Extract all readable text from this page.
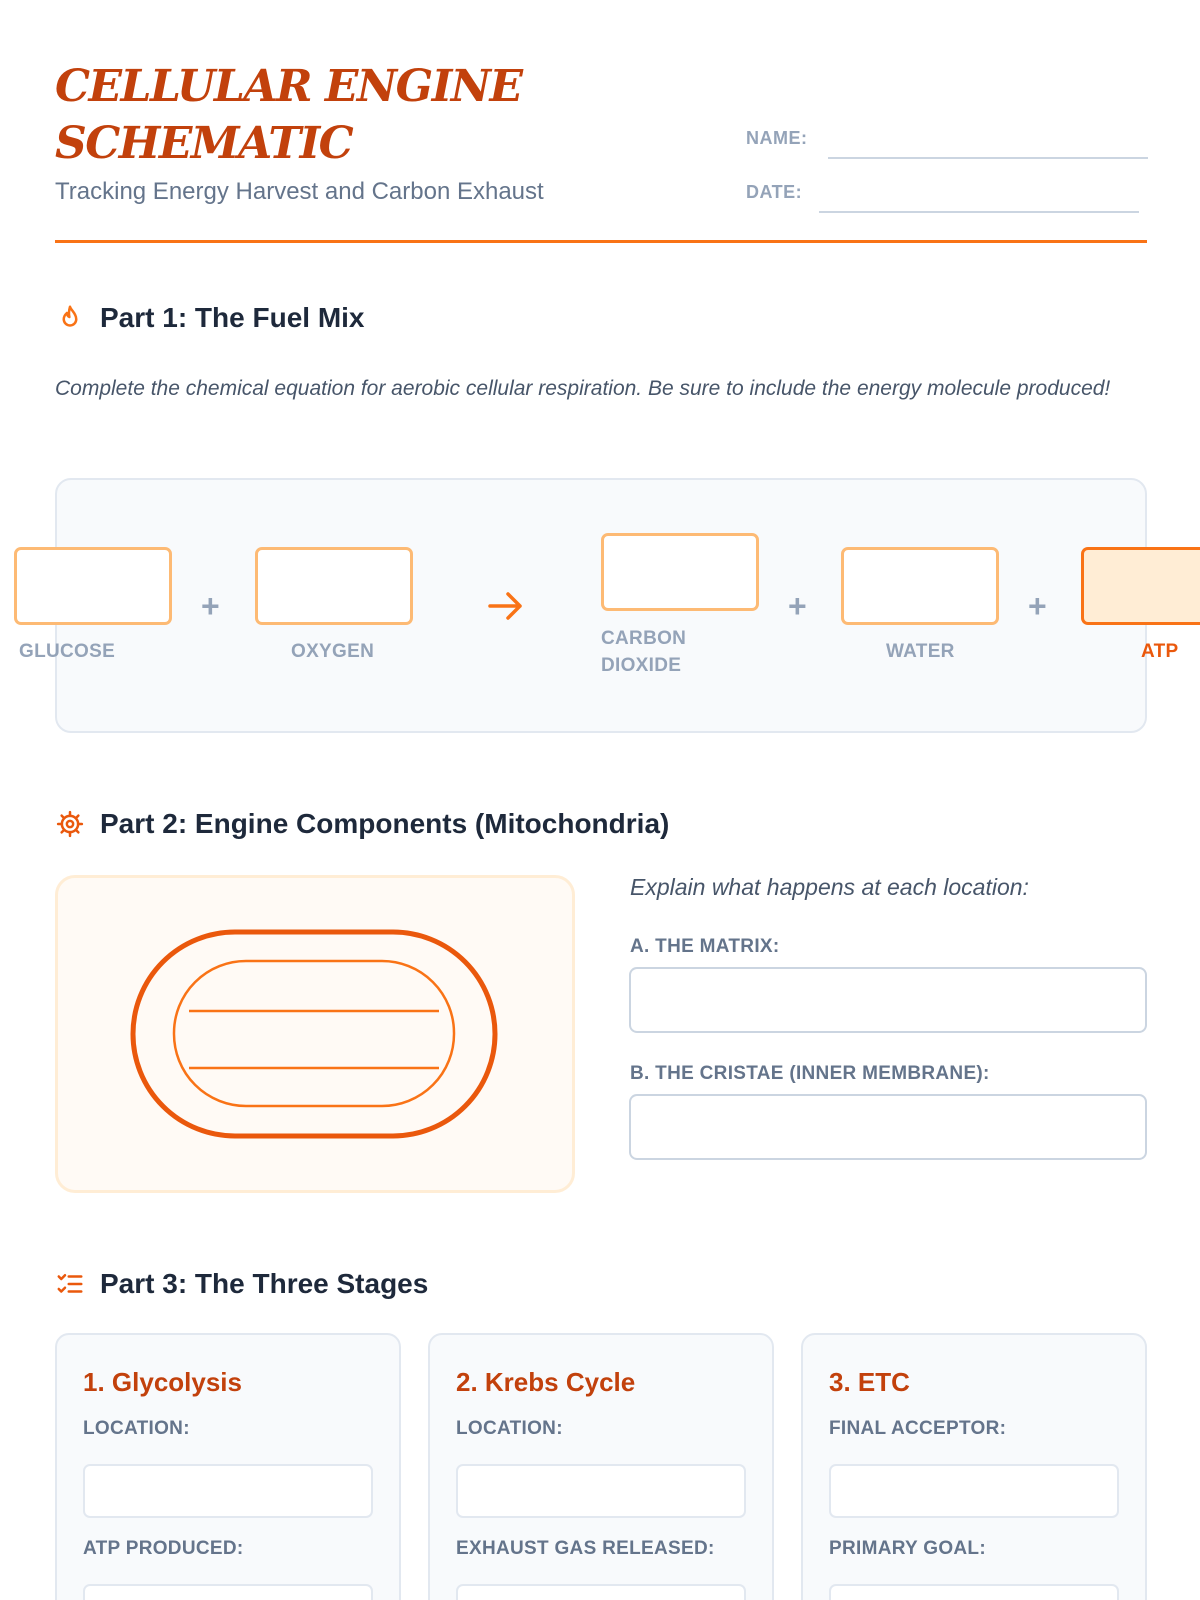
CELLULAR ENGINE
SCHEMATIC
Tracking Energy Harvest and Carbon Exhaust
NAME:
DATE:
Part 1: The Fuel Mix
Complete the chemical equation for aerobic cellular respiration. Be sure to include the energy molecule produced!
+	+	+
GLUCOSE	OXYGEN
CARBON
DIOXIDE
WATER	ATP
Part 2: Engine Components (Mitochondria)
Explain what happens at each location:
A. THE MATRIX:
B. THE CRISTAE (INNER MEMBRANE):
Part 3: The Three Stages
1. Glycolysis
LOCATION:
ATP PRODUCED:
2. Krebs Cycle
LOCATION:
EXHAUST GAS RELEASED:
3. ETC
FINAL ACCEPTOR:
PRIMARY GOAL:
